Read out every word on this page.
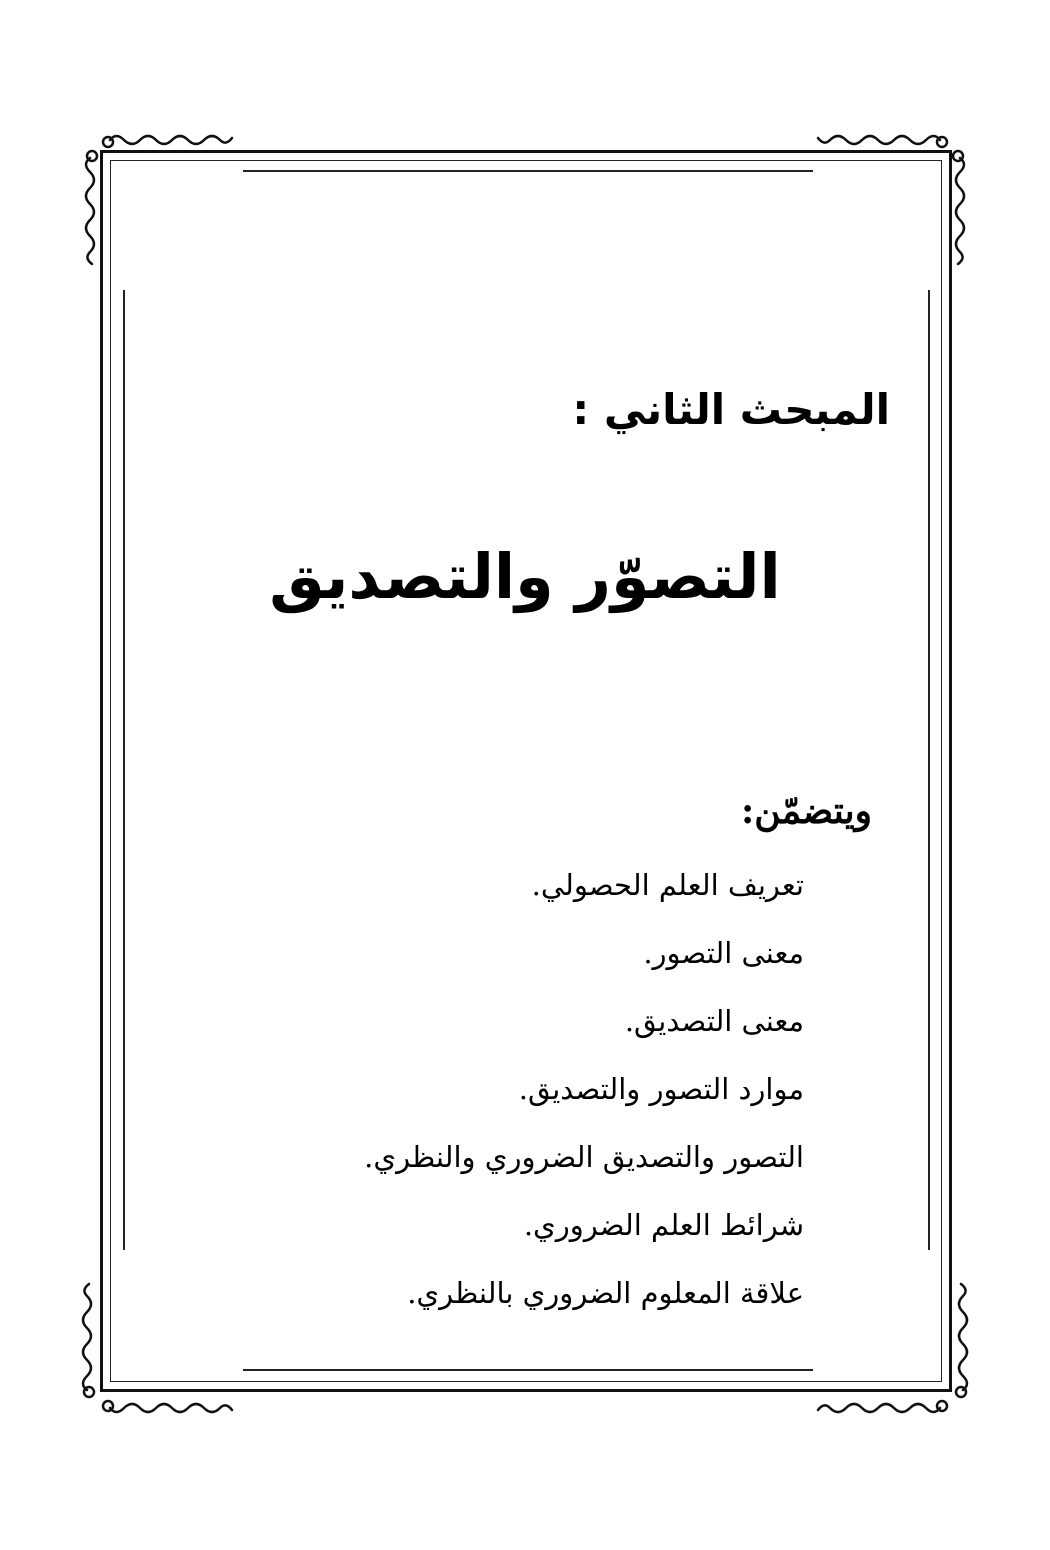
المبحث الثاني :
التصوّر والتصديق
ويتضمّن:
تعريف العلم الحصولي.
معنى التصور.
معنى التصديق.
موارد التصور والتصديق.
التصور والتصديق الضروري والنظري.
شرائط العلم الضروري.
علاقة المعلوم الضروري بالنظري.
